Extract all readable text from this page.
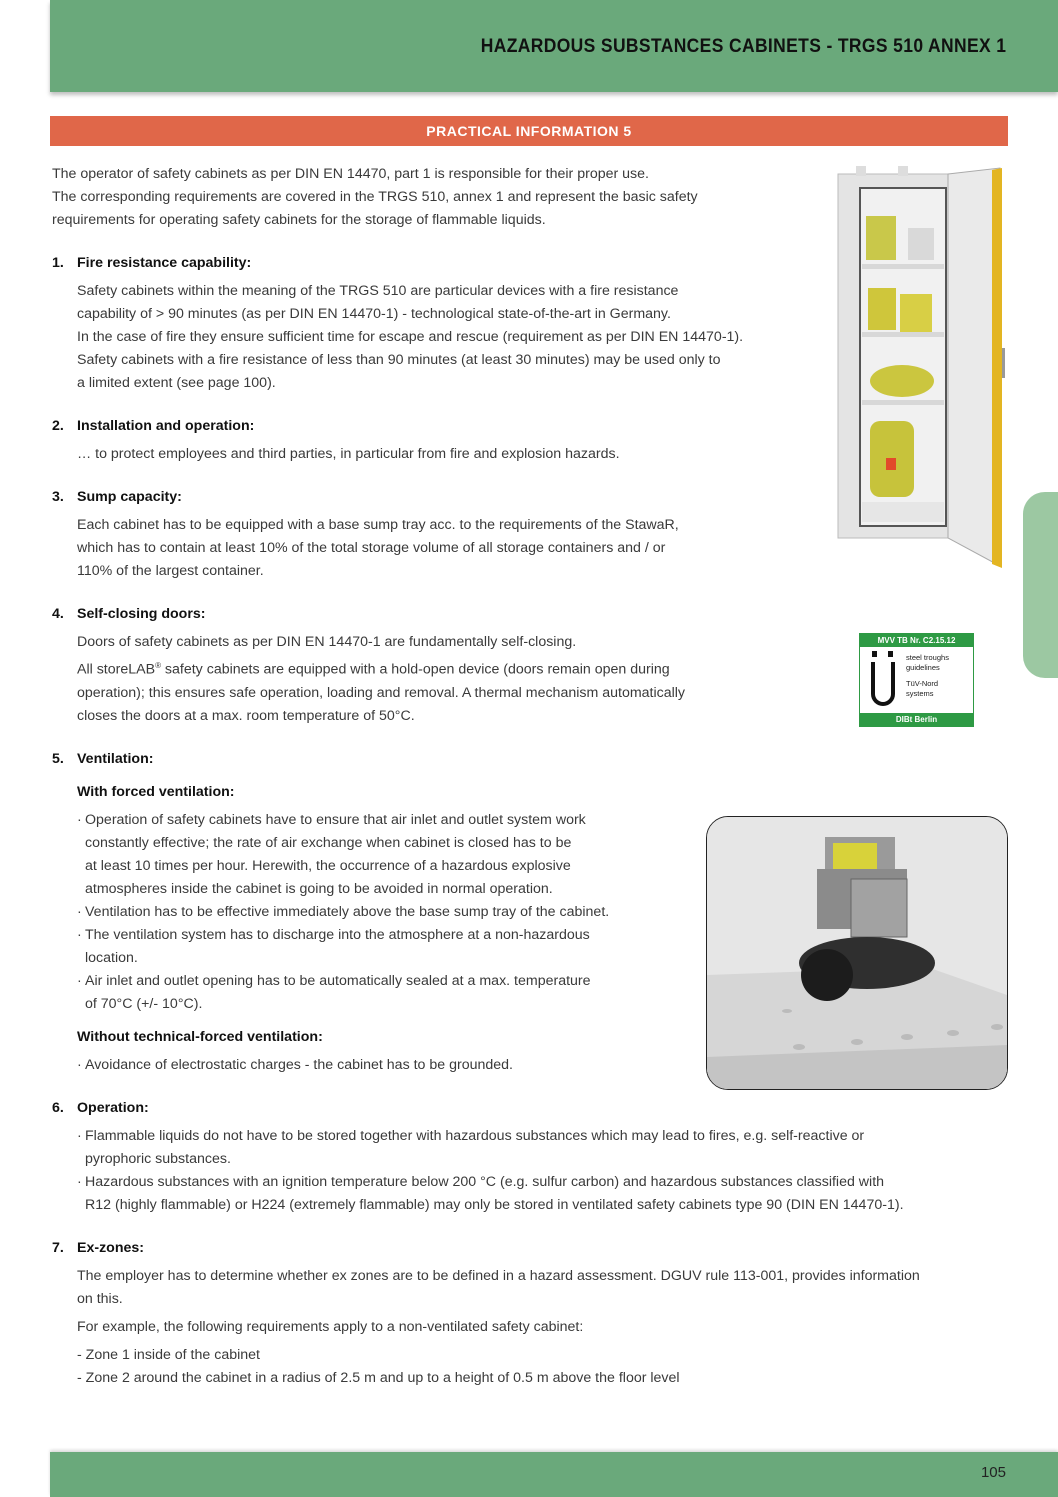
HAZARDOUS SUBSTANCES CABINETS - TRGS 510 ANNEX 1
PRACTICAL INFORMATION 5
MVV TB Nr. C2.15.12
steel troughs
guidelines
TüV-Nord
systems
DIBt Berlin

The operator of safety cabinets as per DIN EN 14470, part 1 is responsible for their proper use.

The corresponding requirements are covered in the TRGS 510, annex 1 and represent the basic safety

requirements for operating safety cabinets for the storage of flammable liquids.

1. Fire resistance capability:

Safety cabinets within the meaning of the TRGS 510 are particular devices with a fire resistance

capability of > 90 minutes (as per DIN EN 14470-1) - technological state-of-the-art in Germany.

In the case of fire they ensure sufficient time for escape and rescue (requirement as per DIN EN 14470-1).

Safety cabinets with a fire resistance of less than 90 minutes (at least 30 minutes) may be used only to

a limited extent (see page 100).

2. Installation and operation:

… to protect employees and third parties, in particular from fire and explosion hazards.

3. Sump capacity:

Each cabinet has to be equipped with a base sump tray acc. to the requirements of the StawaR,

which has to contain at least 10% of the total storage volume of all storage containers and / or

110% of the largest container.

4. Self-closing doors:

Doors of safety cabinets as per DIN EN 14470-1 are fundamentally self-closing.

All storeLAB® safety cabinets are equipped with a hold-open device (doors remain open during

operation); this ensures safe operation, loading and removal. A thermal mechanism automatically

closes the doors at a max. room temperature of 50°C.

5. Ventilation:
With forced ventilation:
· Operation of safety cabinets have to ensure that air inlet and outlet system work

constantly effective; the rate of air exchange when cabinet is closed has to be

at least 10 times per hour. Herewith, the occurrence of a hazardous explosive

atmospheres inside the cabinet is going to be avoided in normal operation.

· Ventilation has to be effective immediately above the base sump tray of the cabinet.

· The ventilation system has to discharge into the atmosphere at a non-hazardous

location.

· Air inlet and outlet opening has to be automatically sealed at a max. temperature

of 70°C (+/- 10°C).

Without technical-forced ventilation:
· Avoidance of electrostatic charges - the cabinet has to be grounded.

6. Operation:
· Flammable liquids do not have to be stored together with hazardous substances which may lead to fires, e.g. self-reactive or

pyrophoric substances.

· Hazardous substances with an ignition temperature below 200 °C (e.g. sulfur carbon) and hazardous substances classified with

R12 (highly flammable) or H224 (extremely flammable) may only be stored in ventilated safety cabinets type 90 (DIN EN 14470-1).

7. Ex-zones:

The employer has to determine whether ex zones are to be defined in a hazard assessment. DGUV rule 113-001, provides information

on this.

For example, the following requirements apply to a non-ventilated safety cabinet:

- Zone 1 inside of the cabinet

- Zone 2 around the cabinet in a radius of 2.5 m and up to a height of 0.5 m above the floor level

105
